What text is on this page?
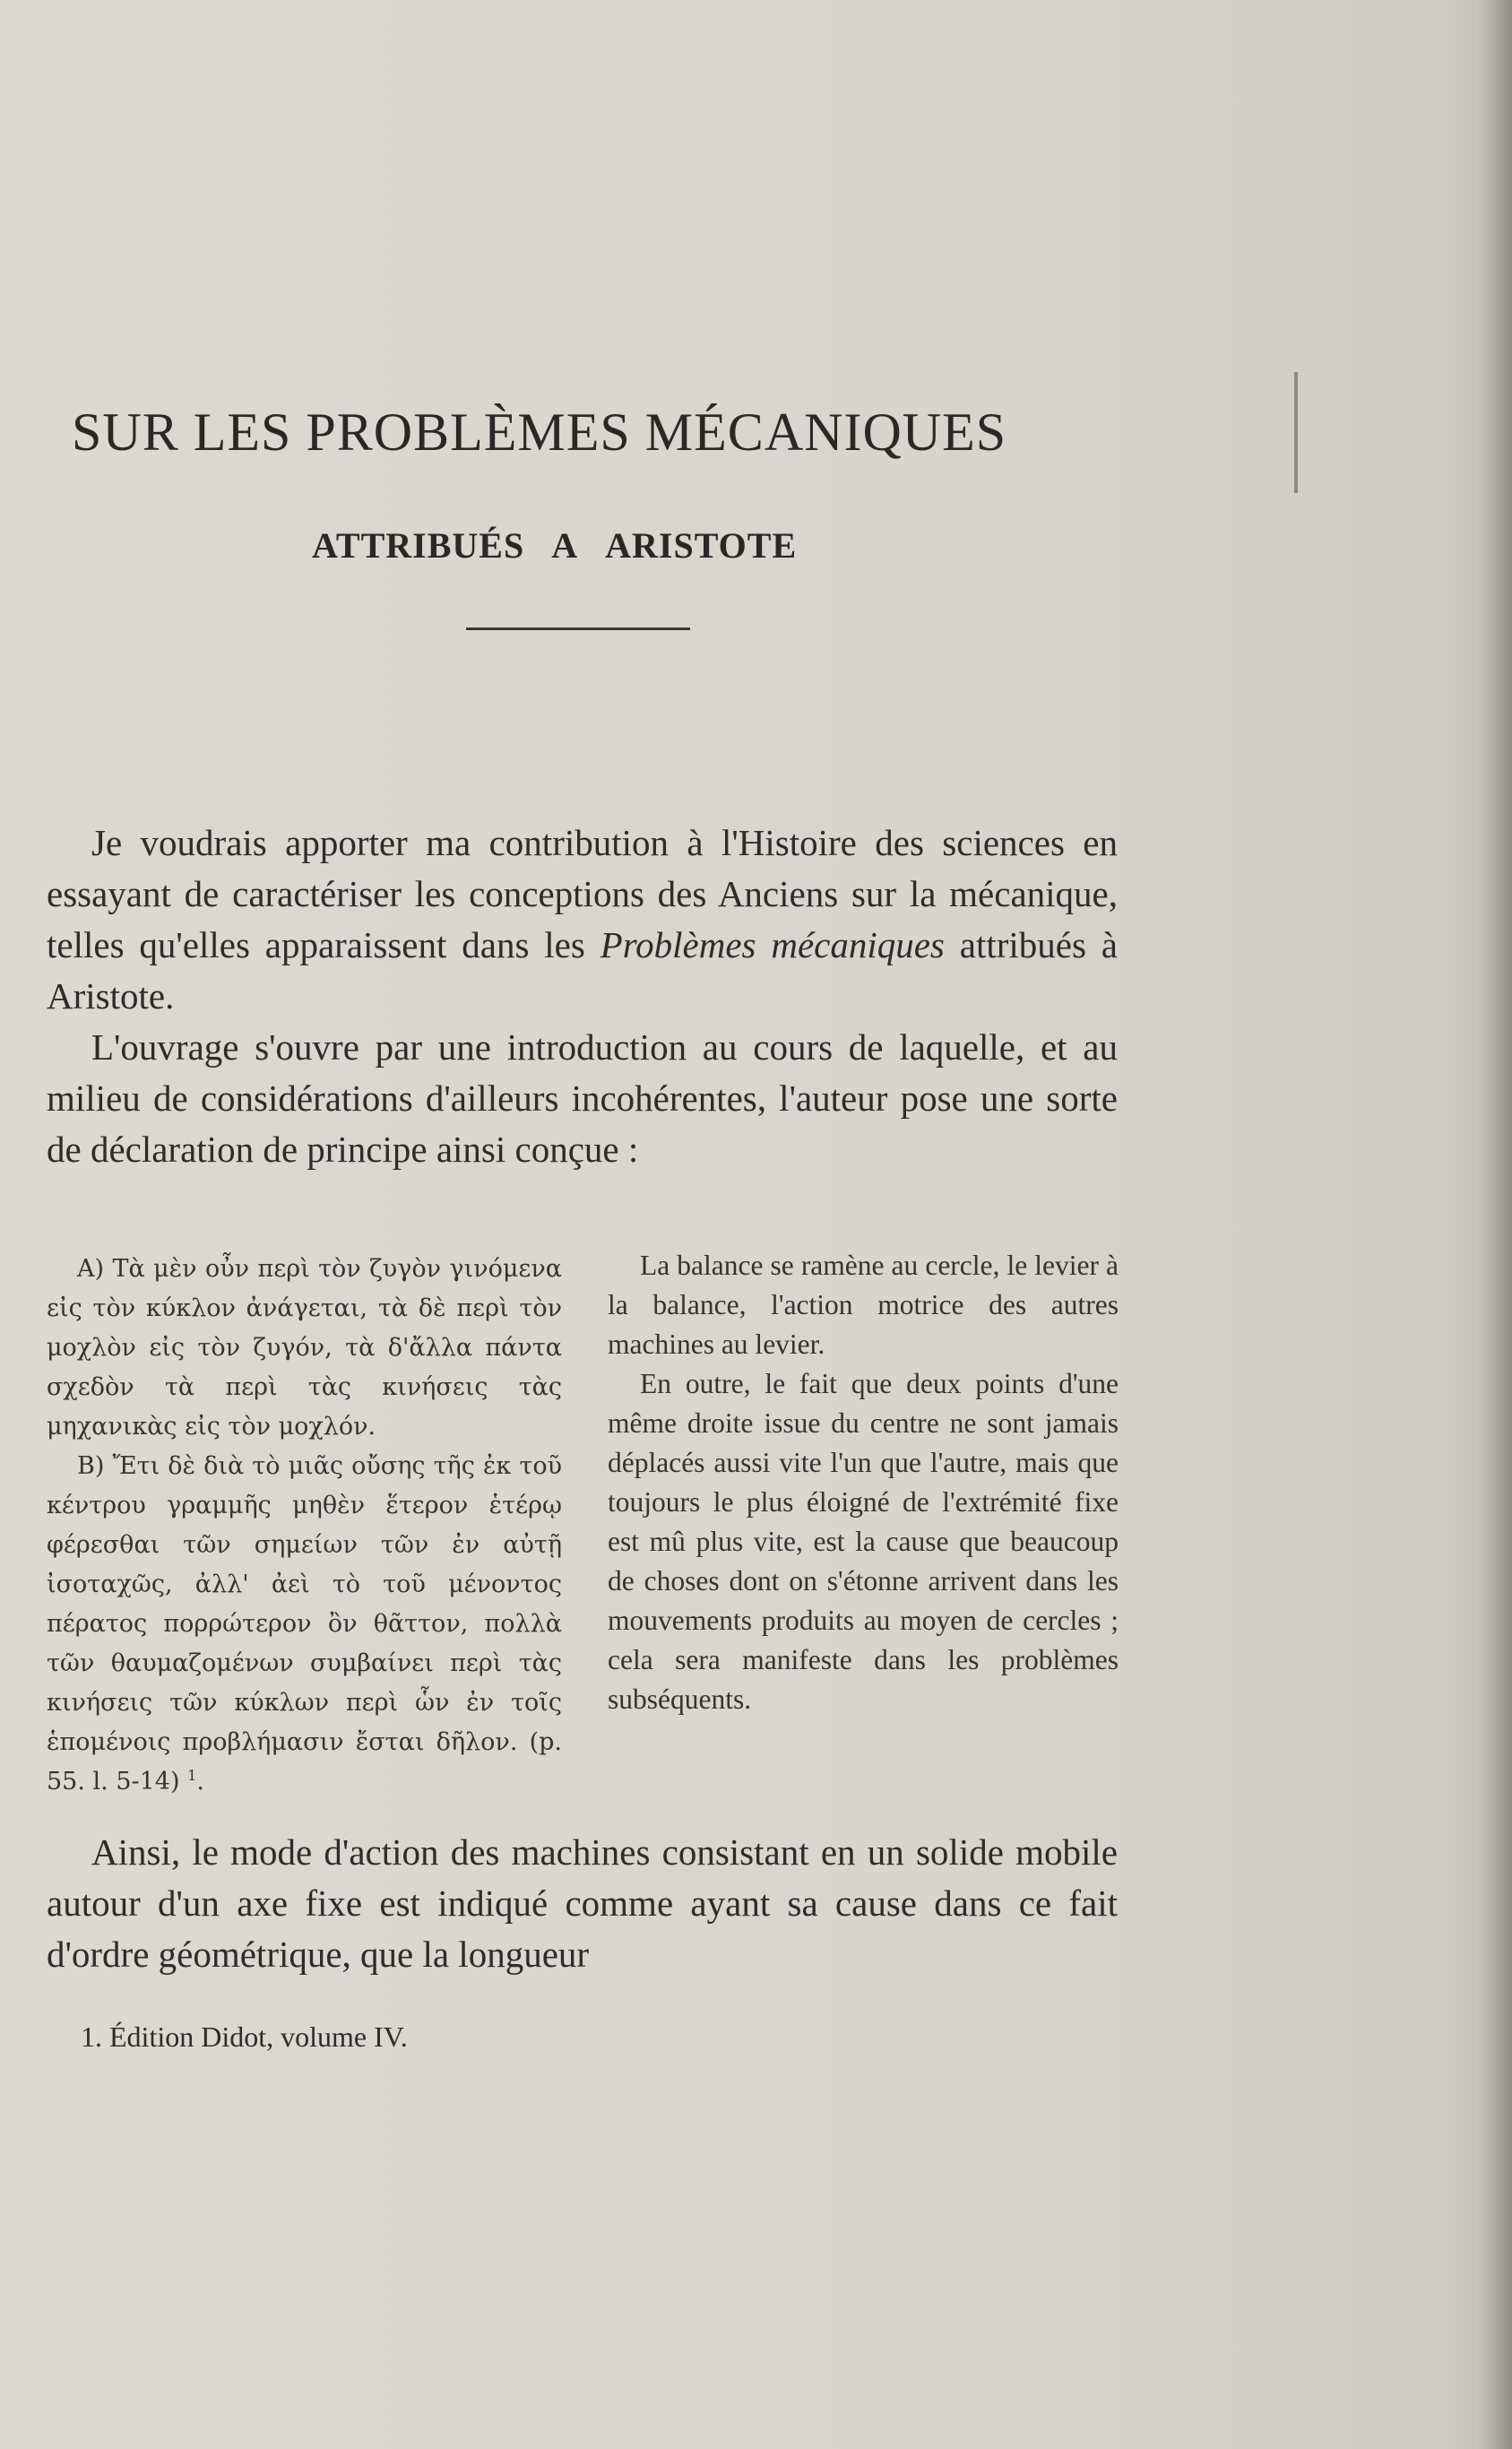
SUR LES PROBLÈMES MÉCANIQUES
ATTRIBUÉS A ARISTOTE

Je voudrais apporter ma contribution à l'Histoire des sciences en essayant de caractériser les conceptions des Anciens sur la mécanique, telles qu'elles apparaissent dans les Problèmes mécaniques attribués à Aristote.

L'ouvrage s'ouvre par une introduction au cours de laquelle, et au milieu de considérations d'ailleurs incohérentes, l'auteur pose une sorte de déclaration de principe ainsi conçue :

A) Τὰ μὲν οὖν περὶ τὸν ζυγὸν γινόμενα εἰς τὸν κύκλον ἀνάγεται, τὰ δὲ περὶ τὸν μοχλὸν εἰς τὸν ζυγόν, τὰ δ'ἄλλα πάντα σχεδὸν τὰ περὶ τὰς κινήσεις τὰς μηχανικὰς εἰς τὸν μοχλόν.

B) Ἔτι δὲ διὰ τὸ μιᾶς οὔσης τῆς ἐκ τοῦ κέντρου γραμμῆς μηθὲν ἕτερον ἑτέρῳ φέρεσθαι τῶν σημείων τῶν ἐν αὐτῇ ἰσοταχῶς, ἀλλ' ἀεὶ τὸ τοῦ μένοντος πέρατος πορρώτερον ὂν θᾶττον, πολλὰ τῶν θαυμαζομένων συμβαίνει περὶ τὰς κινήσεις τῶν κύκλων περὶ ὧν ἐν τοῖς ἑπομένοις προβλήμασιν ἔσται δῆλον. (p. 55. l. 5-14) $^1$.

La balance se ramène au cercle, le levier à la balance, l'action motrice des autres machines au levier.

En outre, le fait que deux points d'une même droite issue du centre ne sont jamais déplacés aussi vite l'un que l'autre, mais que toujours le plus éloigné de l'extrémité fixe est mû plus vite, est la cause que beaucoup de choses dont on s'étonne arrivent dans les mouvements produits au moyen de cercles ; cela sera manifeste dans les problèmes subséquents.

Ainsi, le mode d'action des machines consistant en un solide mobile autour d'un axe fixe est indiqué comme ayant sa cause dans ce fait d'ordre géométrique, que la longueur

1. Édition Didot, volume IV.
